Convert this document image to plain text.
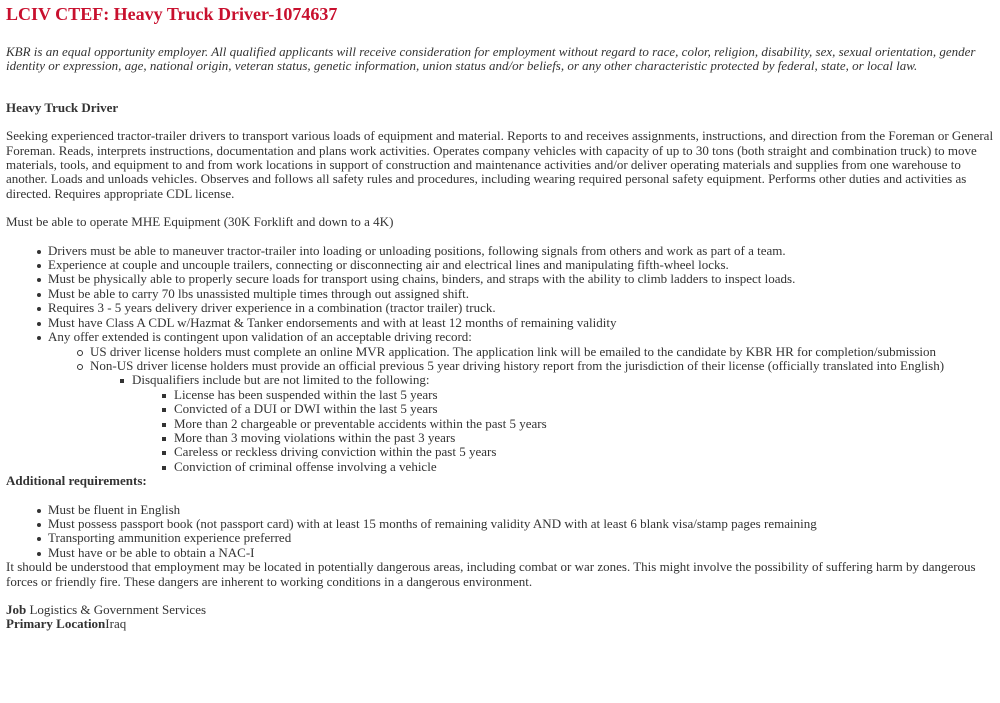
LCIV CTEF: Heavy Truck Driver-1074637

KBR is an equal opportunity employer. All qualified applicants will receive consideration for employment without regard to race, color, religion, disability, sex, sexual orientation, gender identity or expression, age, national origin, veteran status, genetic information, union status and/or beliefs, or any other characteristic protected by federal, state, or local law.

Heavy Truck Driver

Seeking experienced tractor-trailer drivers to transport various loads of equipment and material. Reports to and receives assignments, instructions, and direction from the Foreman or General Foreman. Reads, interprets instructions, documentation and plans work activities. Operates company vehicles with capacity of up to 30 tons (both straight and combination truck) to move materials, tools, and equipment to and from work locations in support of construction and maintenance activities and/or deliver operating materials and supplies from one warehouse to another. Loads and unloads vehicles. Observes and follows all safety rules and procedures, including wearing required personal safety equipment. Performs other duties and activities as directed. Requires appropriate CDL license.

Must be able to operate MHE Equipment (30K Forklift and down to a 4K)

Drivers must be able to maneuver tractor-trailer into loading or unloading positions, following signals from others and work as part of a team.
Experience at couple and uncouple trailers, connecting or disconnecting air and electrical lines and manipulating fifth-wheel locks.
Must be physically able to properly secure loads for transport using chains, binders, and straps with the ability to climb ladders to inspect loads.
Must be able to carry 70 lbs unassisted multiple times through out assigned shift.
Requires 3 - 5 years delivery driver experience in a combination (tractor trailer) truck.
Must have Class A CDL w/Hazmat & Tanker endorsements and with at least 12 months of remaining validity
Any offer extended is contingent upon validation of an acceptable driving record:
US driver license holders must complete an online MVR application. The application link will be emailed to the candidate by KBR HR for completion/submission
Non-US driver license holders must provide an official previous 5 year driving history report from the jurisdiction of their license (officially translated into English)
Disqualifiers include but are not limited to the following:
License has been suspended within the last 5 years
Convicted of a DUI or DWI within the last 5 years
More than 2 chargeable or preventable accidents within the past 5 years
More than 3 moving violations within the past 3 years
Careless or reckless driving conviction within the past 5 years
Conviction of criminal offense involving a vehicle
Additional requirements:
Must be fluent in English
Must possess passport book (not passport card) with at least 15 months of remaining validity AND with at least 6 blank visa/stamp pages remaining
Transporting ammunition experience preferred
Must have or be able to obtain a NAC-I

It should be understood that employment may be located in potentially dangerous areas, including combat or war zones. This might involve the possibility of suffering harm by dangerous forces or friendly fire. These dangers are inherent to working conditions in a dangerous environment.

Job Logistics & Government Services
Primary LocationIraq
